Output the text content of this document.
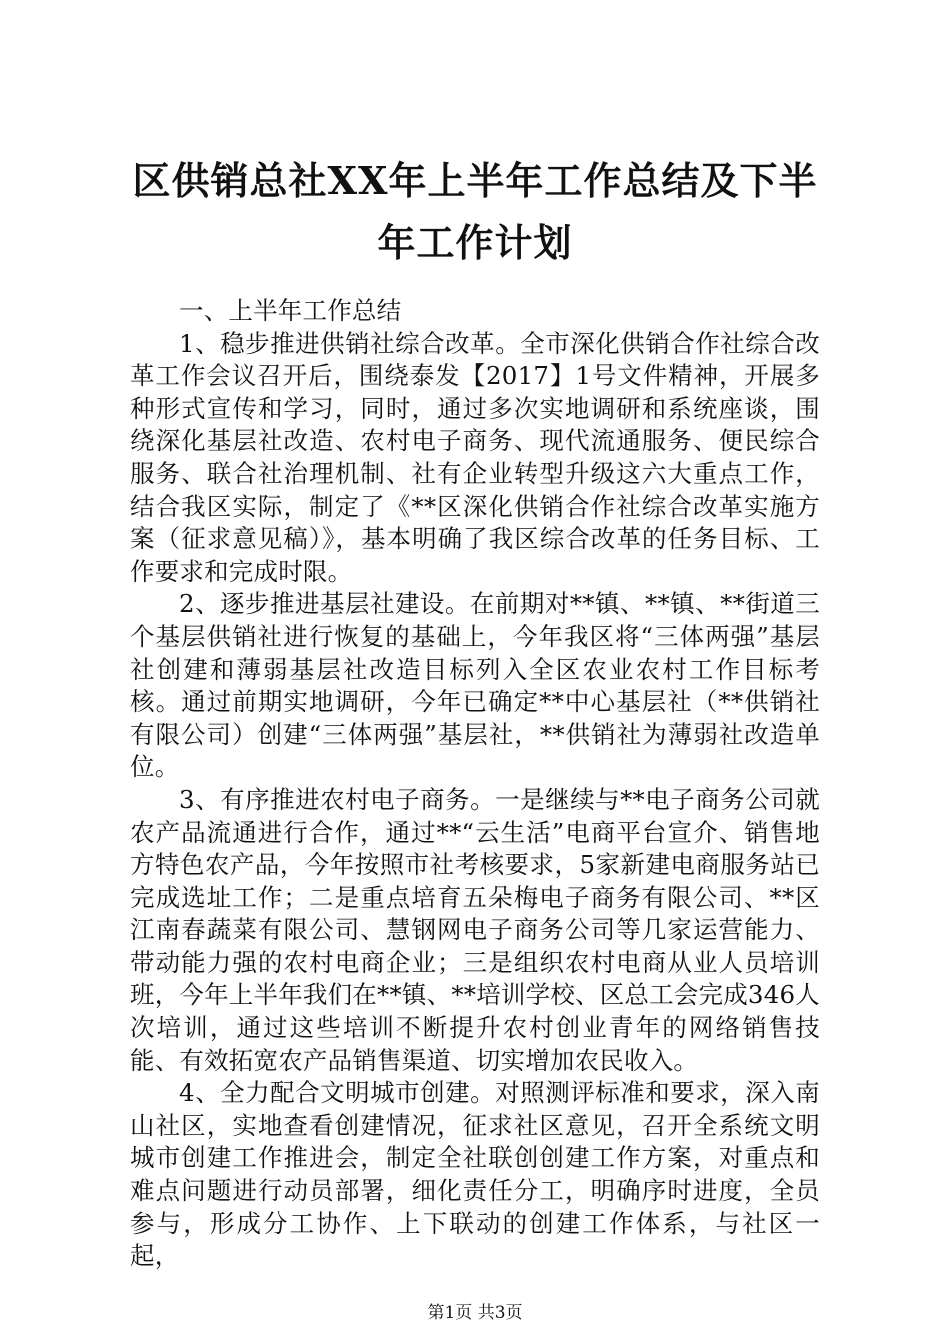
区供销总社XX年上半年工作总结及下半年工作计划

一、上半年工作总结

1、稳步推进供销社综合改革。全市深化供销合作社综合改革工作会议召开后，围绕泰发【2017】1号文件精神，开展多种形式宣传和学习，同时，通过多次实地调研和系统座谈，围绕深化基层社改造、农村电子商务、现代流通服务、便民综合服务、联合社治理机制、社有企业转型升级这六大重点工作，结合我区实际，制定了《**区深化供销合作社综合改革实施方案（征求意见稿）》，基本明确了我区综合改革的任务目标、工作要求和完成时限。

2、逐步推进基层社建设。在前期对**镇、**镇、**街道三个基层供销社进行恢复的基础上，今年我区将“三体两强”基层社创建和薄弱基层社改造目标列入全区农业农村工作目标考核。通过前期实地调研，今年已确定**中心基层社（**供销社有限公司）创建“三体两强”基层社，**供销社为薄弱社改造单位。

3、有序推进农村电子商务。一是继续与**电子商务公司就农产品流通进行合作，通过**“云生活”电商平台宣介、销售地方特色农产品，今年按照市社考核要求，5家新建电商服务站已完成选址工作；二是重点培育五朵梅电子商务有限公司、**区江南春蔬菜有限公司、慧钢网电子商务公司等几家运营能力、带动能力强的农村电商企业；三是组织农村电商从业人员培训班，今年上半年我们在**镇、**培训学校、区总工会完成346人次培训，通过这些培训不断提升农村创业青年的网络销售技能、有效拓宽农产品销售渠道、切实增加农民收入。

4、全力配合文明城市创建。对照测评标准和要求，深入南山社区，实地查看创建情况，征求社区意见，召开全系统文明城市创建工作推进会，制定全社联创创建工作方案，对重点和难点问题进行动员部署，细化责任分工，明确序时进度，全员参与，形成分工协作、上下联动的创建工作体系，与社区一起，

第1页 共3页
